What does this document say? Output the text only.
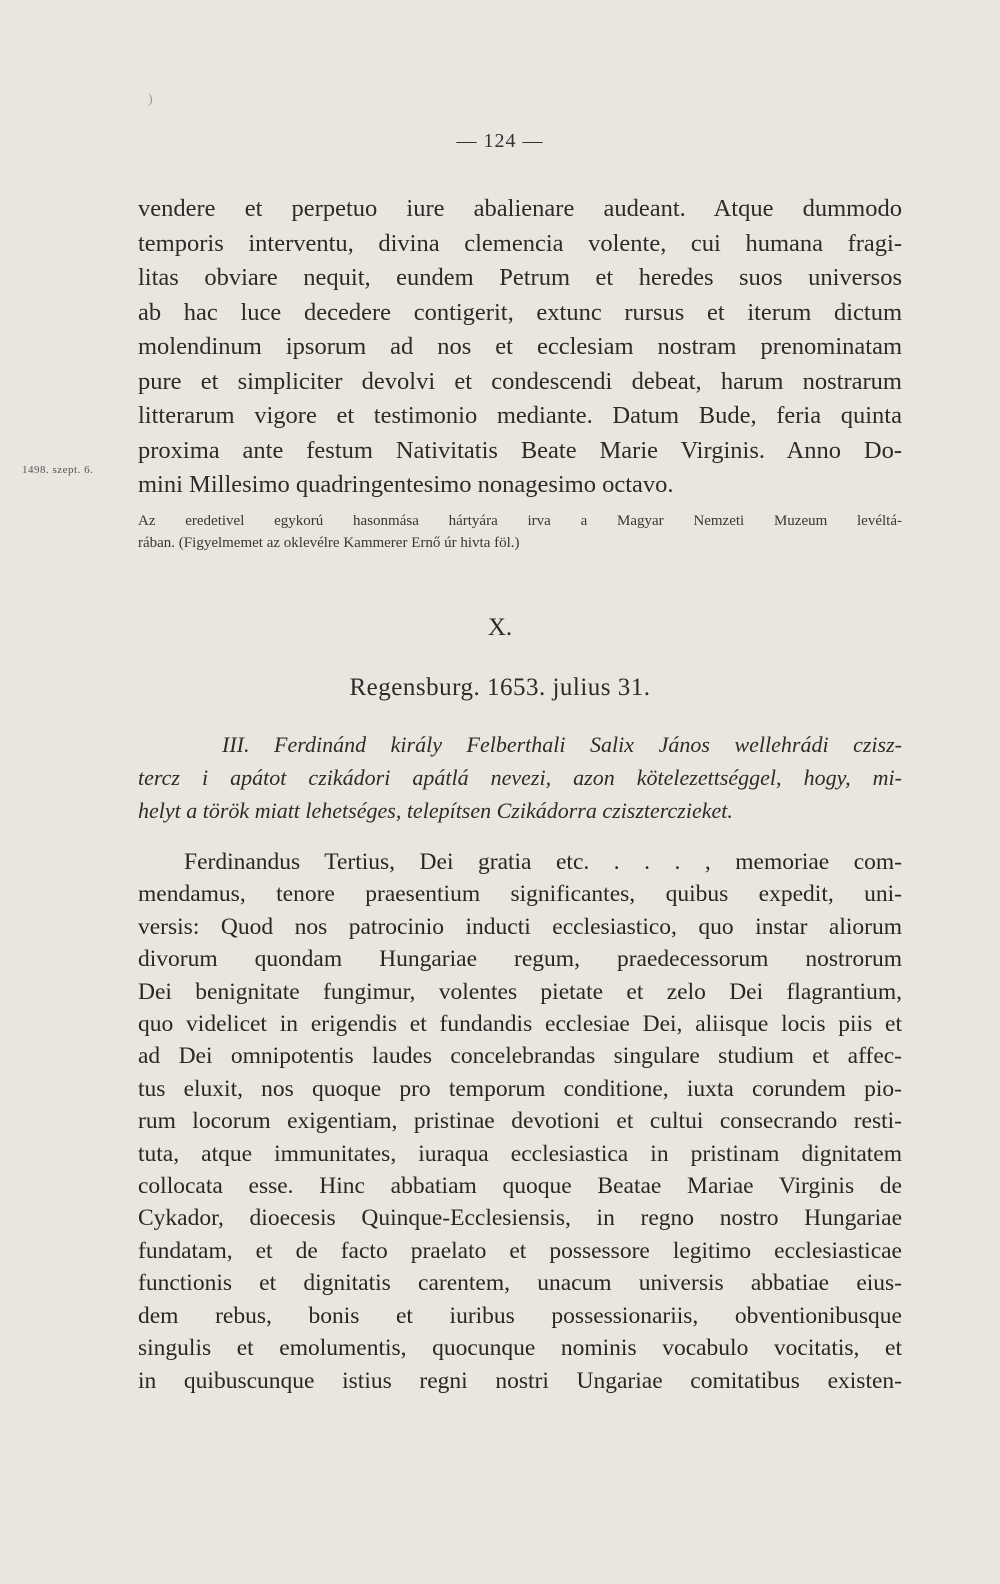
)
— 124 —
vendere et perpetuo iure abalienare audeant. Atque dummodo
temporis interventu, divina clemencia volente, cui humana fragi-
litas obviare nequit, eundem Petrum et heredes suos universos
ab hac luce decedere contigerit, extunc rursus et iterum dictum
molendinum ipsorum ad nos et ecclesiam nostram prenominatam
pure et simpliciter devolvi et condescendi debeat, harum nostrarum
litterarum vigore et testimonio mediante. Datum Bude, feria quinta
proxima ante festum Nativitatis Beate Marie Virginis. Anno Do-
mini Millesimo quadringentesimo nonagesimo octavo.
1498. szept. 6.
Az eredetivel egykorú hasonmása hártyára irva a Magyar Nemzeti Muzeum levéltá-
rában. (Figyelmemet az oklevélre Kammerer Ernő úr hivta föl.)
X.
Regensburg. 1653. julius 31.
III. Ferdinánd király Felberthali Salix János wellehrádi czisz-
tercz i apátot czikádori apátlá nevezi, azon kötelezettséggel, hogy, mi-
helyt a török miatt lehetséges, telepítsen Czikádorra cziszterczieket.
Ferdinandus Tertius, Dei gratia etc. . . . , memoriae com-
mendamus, tenore praesentium significantes, quibus expedit, uni-
versis: Quod nos patrocinio inducti ecclesiastico, quo instar aliorum
divorum quondam Hungariae regum, praedecessorum nostrorum
Dei benignitate fungimur, volentes pietate et zelo Dei flagrantium,
quo videlicet in erigendis et fundandis ecclesiae Dei, aliisque locis piis et
ad Dei omnipotentis laudes concelebrandas singulare studium et affec-
tus eluxit, nos quoque pro temporum conditione, iuxta corundem pio-
rum locorum exigentiam, pristinae devotioni et cultui consecrando resti-
tuta, atque immunitates, iuraqua ecclesiastica in pristinam dignitatem
collocata esse. Hinc abbatiam quoque Beatae Mariae Virginis de
Cykador, dioecesis Quinque-Ecclesiensis, in regno nostro Hungariae
fundatam, et de facto praelato et possessore legitimo ecclesiasticae
functionis et dignitatis carentem, unacum universis abbatiae eius-
dem rebus, bonis et iuribus possessionariis, obventionibusque
singulis et emolumentis, quocunque nominis vocabulo vocitatis, et
in quibuscunque istius regni nostri Ungariae comitatibus existen-
